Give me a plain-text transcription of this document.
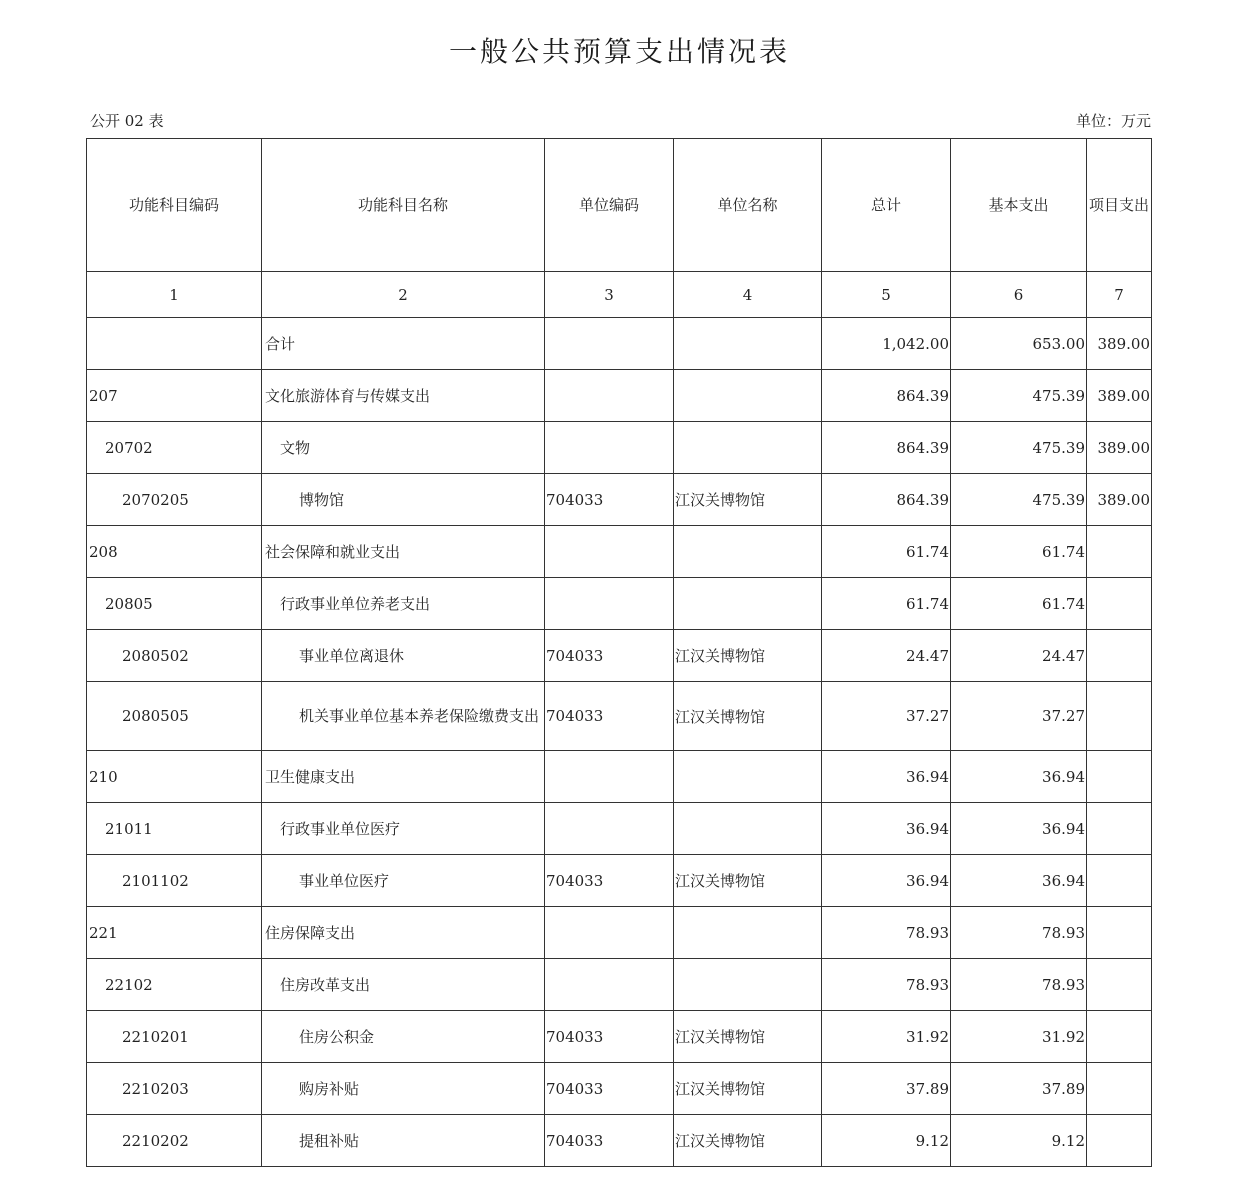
一般公共预算支出情况表
公开 02 表	单位：万元
功能科目编码	功能科目名称	单位编码	单位名称	总计	基本支出	项目支出
1	2	3	4	5	6	7
	合计			1,042.00	653.00	389.00
207	文化旅游体育与传媒支出			864.39	475.39	389.00
20702	文物			864.39	475.39	389.00
2070205	博物馆	704033	江汉关博物馆	864.39	475.39	389.00
208	社会保障和就业支出			61.74	61.74	
20805	行政事业单位养老支出			61.74	61.74	
2080502	事业单位离退休	704033	江汉关博物馆	24.47	24.47	
2080505	机关事业单位基本养老保险缴费支出	704033	江汉关博物馆	37.27	37.27	
210	卫生健康支出			36.94	36.94	
21011	行政事业单位医疗			36.94	36.94	
2101102	事业单位医疗	704033	江汉关博物馆	36.94	36.94	
221	住房保障支出			78.93	78.93	
22102	住房改革支出			78.93	78.93	
2210201	住房公积金	704033	江汉关博物馆	31.92	31.92	
2210203	购房补贴	704033	江汉关博物馆	37.89	37.89	
2210202	提租补贴	704033	江汉关博物馆	9.12	9.12	
